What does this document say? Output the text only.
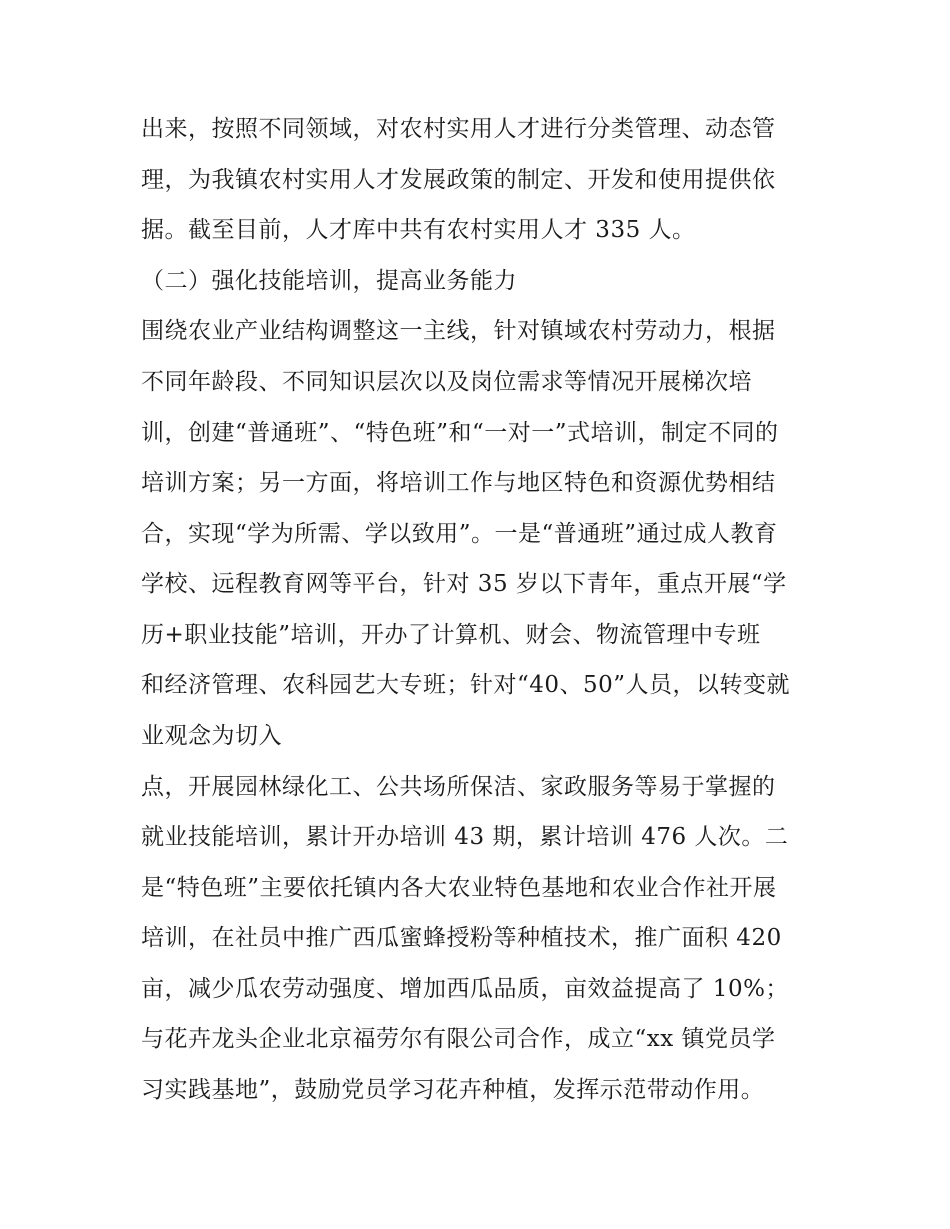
出来，按照不同领域，对农村实用人才进行分类管理、动态管
理，为我镇农村实用人才发展政策的制定、开发和使用提供依
据。截至目前，人才库中共有农村实用人才 335 人。
（二）强化技能培训，提高业务能力
围绕农业产业结构调整这一主线，针对镇域农村劳动力，根据
不同年龄段、不同知识层次以及岗位需求等情况开展梯次培
训，创建“普通班”、“特色班”和“一对一”式培训，制定不同的
培训方案；另一方面，将培训工作与地区特色和资源优势相结
合，实现“学为所需、学以致用”。一是“普通班”通过成人教育
学校、远程教育网等平台，针对 35 岁以下青年，重点开展“学
历+职业技能”培训，开办了计算机、财会、物流管理中专班
和经济管理、农科园艺大专班；针对“40、50”人员，以转变就
业观念为切入
点，开展园林绿化工、公共场所保洁、家政服务等易于掌握的
就业技能培训，累计开办培训 43 期，累计培训 476 人次。二
是“特色班”主要依托镇内各大农业特色基地和农业合作社开展
培训，在社员中推广西瓜蜜蜂授粉等种植技术，推广面积 420
亩，减少瓜农劳动强度、增加西瓜品质，亩效益提高了 10%；
与花卉龙头企业北京福劳尔有限公司合作，成立“xx 镇党员学
习实践基地”，鼓励党员学习花卉种植，发挥示范带动作用。
